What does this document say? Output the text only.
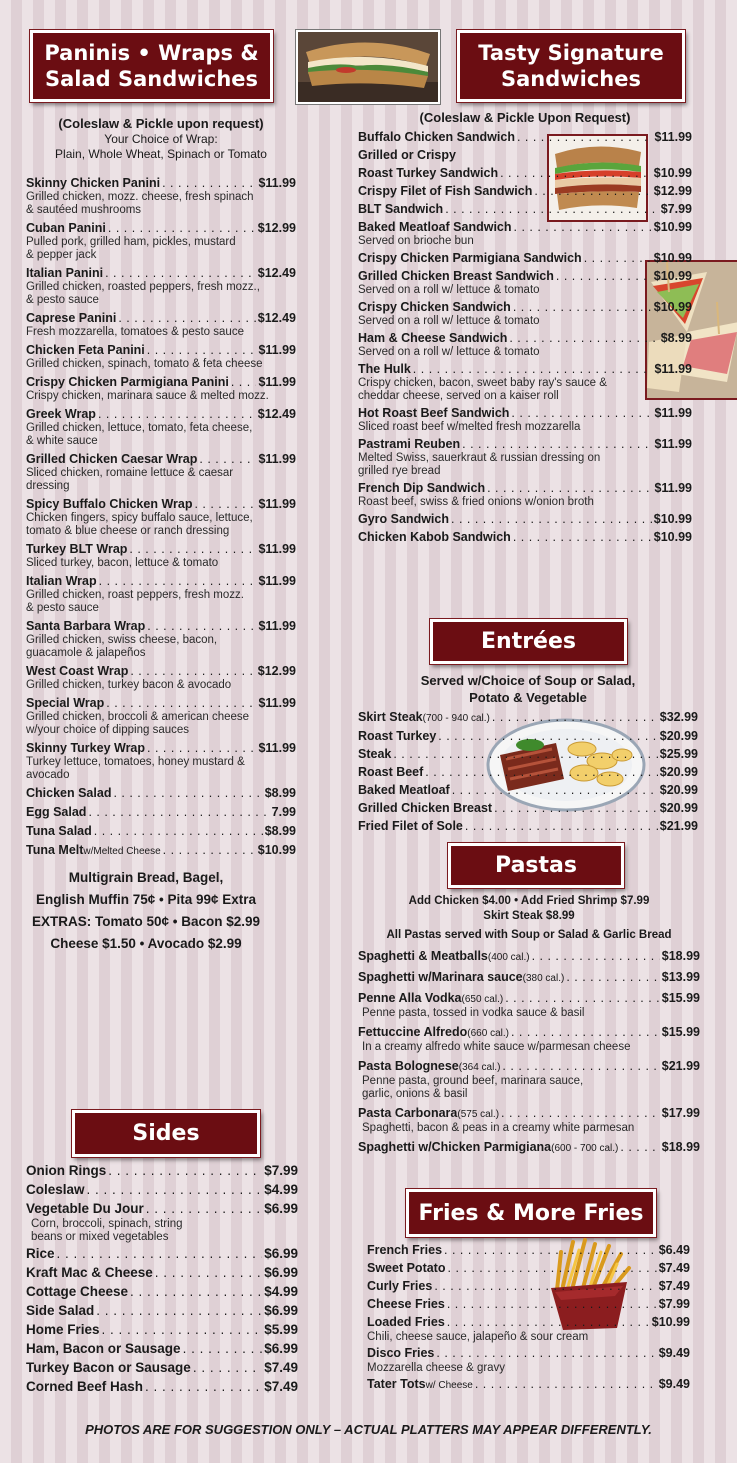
Paninis • Wraps &
Salad Sandwiches
Tasty Signature
Sandwiches
Entrées
Pastas
Sides
Fries & More Fries
(Coleslaw & Pickle upon request)
Your Choice of Wrap:
Plain, Whole Wheat, Spinach or Tomato
Skinny Chicken Panini . . .	$11.99
Grilled chicken, mozz. cheese, fresh spinach
& sautéed mushrooms
Cuban Panini . . .	$12.99
Pulled pork, grilled ham, pickles, mustard
& pepper jack
Italian Panini . . .	$12.49
Grilled chicken, roasted peppers, fresh mozz.,
& pesto sauce
Caprese Panini . . .	$12.49
Fresh mozzarella, tomatoes & pesto sauce
Chicken Feta Panini . . .	$11.99
Grilled chicken, spinach, tomato & feta cheese
Crispy Chicken Parmigiana Panini . . . $11.99
Crispy chicken, marinara sauce & melted mozz.
Greek Wrap . . .	$12.49
Grilled chicken, lettuce, tomato, feta cheese,
& white sauce
Grilled Chicken Caesar Wrap . . .	$11.99
Sliced chicken, romaine lettuce & caesar
dressing
Spicy Buffalo Chicken Wrap . . .	$11.99
Chicken fingers, spicy buffalo sauce, lettuce,
tomato & blue cheese or ranch dressing
Turkey BLT Wrap . . .	$11.99
Sliced turkey, bacon, lettuce & tomato
Italian Wrap . . .	$11.99
Grilled chicken, roast peppers, fresh mozz.
& pesto sauce
Santa Barbara Wrap . . .	$11.99
Grilled chicken, swiss cheese, bacon,
guacamole & jalapeños
West Coast Wrap . . .	$12.99
Grilled chicken, turkey bacon & avocado
Special Wrap . . .	$11.99
Grilled chicken, broccoli & american cheese
w/your choice of dipping sauces
Skinny Turkey Wrap . . .	$11.99
Turkey lettuce, tomatoes, honey mustard &
avocado
Chicken Salad . . .	$8.99
Egg Salad . . .	7.99
Tuna Salad . . .	$8.99
Tuna Melt w/Melted Cheese . . .	$10.99
Multigrain Bread, Bagel,
English Muffin 75¢ • Pita 99¢ Extra
EXTRAS: Tomato 50¢ • Bacon $2.99
Cheese $1.50 • Avocado $2.99
Onion Rings . . .	$7.99
Coleslaw . . .	$4.99
Vegetable Du Jour . . .	$6.99
Corn, broccoli, spinach, string
beans or mixed vegetables
Rice . . .	$6.99
Kraft Mac & Cheese . . .	$6.99
Cottage Cheese . . .	$4.99
Side Salad . . .	$6.99
Home Fries . . .	$5.99
Ham, Bacon or Sausage . . .	$6.99
Turkey Bacon or Sausage . . .	$7.49
Corned Beef Hash . . .	$7.49
(Coleslaw & Pickle Upon Request)
Buffalo Chicken Sandwich . . .	$11.99
Grilled or Crispy
Roast Turkey Sandwich . . .	$10.99
Crispy Filet of Fish Sandwich . . .	$12.99
BLT Sandwich . . .	$7.99
Baked Meatloaf Sandwich . . .	$10.99
Served on brioche bun
Crispy Chicken Parmigiana Sandwich . . .	$10.99
Grilled Chicken Breast Sandwich . . .	$10.99
Served on a roll w/ lettuce & tomato
Crispy Chicken Sandwich . . .	$10.99
Served on a roll w/ lettuce & tomato
Ham & Cheese Sandwich . . .	$8.99
Served on a roll w/ lettuce & tomato
The Hulk . . .	$11.99
Crispy chicken, bacon, sweet baby ray's sauce &
cheddar cheese, served on a kaiser roll
Hot Roast Beef Sandwich . . .	$11.99
Sliced roast beef w/melted fresh mozzarella
Pastrami Reuben . . .	$11.99
Melted Swiss, sauerkraut & russian dressing on
grilled rye bread
French Dip Sandwich . . .	$11.99
Roast beef, swiss & fried onions w/onion broth
Gyro Sandwich . . .	$10.99
Chicken Kabob Sandwich . . .	$10.99
Served w/Choice of Soup or Salad,
Potato & Vegetable
Skirt Steak (700 - 940 cal.) . . .	$32.99
Roast Turkey . . .	$20.99
Steak . . .	$25.99
Roast Beef . . .	$20.99
Baked Meatloaf . . .	$20.99
Grilled Chicken Breast . . .	$20.99
Fried Filet of Sole . . .	$21.99
Add Chicken $4.00 • Add Fried Shrimp $7.99
Skirt Steak $8.99
All Pastas served with Soup or Salad & Garlic Bread
Spaghetti & Meatballs (400 cal.) . . .	$18.99
Spaghetti w/Marinara sauce (380 cal.) . . .	$13.99
Penne Alla Vodka (650 cal.) . . .	$15.99
Penne pasta, tossed in vodka sauce & basil
Fettuccine Alfredo (660 cal.) . . .	$15.99
In a creamy alfredo white sauce w/parmesan cheese
Pasta Bolognese (364 cal.) . . .	$21.99
Penne pasta, ground beef, marinara sauce,
garlic, onions & basil
Pasta Carbonara (575 cal.) . . .	$17.99
Spaghetti, bacon & peas in a creamy white parmesan
Spaghetti w/Chicken Parmigiana (600 - 700 cal.) . . .	$18.99
French Fries . . .	$6.49
Sweet Potato . . .	$7.49
Curly Fries . . .	$7.49
Cheese Fries . . .	$7.99
Loaded Fries . . .	$10.99
Chili, cheese sauce, jalapeño & sour cream
Disco Fries . . .	$9.49
Mozzarella cheese & gravy
Tater Tots w/ Cheese . . .	$9.49
PHOTOS ARE FOR SUGGESTION ONLY – ACTUAL PLATTERS MAY APPEAR DIFFERENTLY.
